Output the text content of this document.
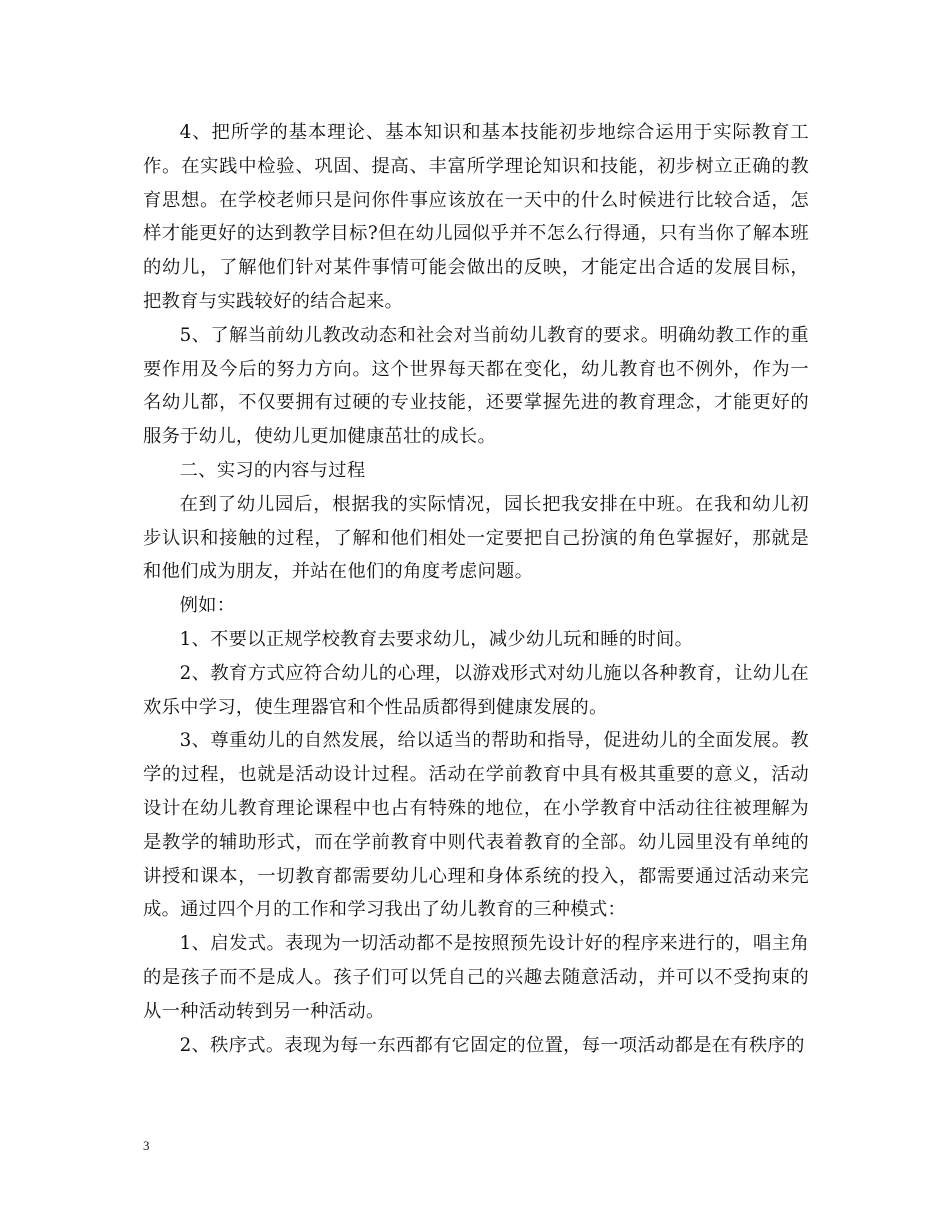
4、把所学的基本理论、基本知识和基本技能初步地综合运用于实际教育工作。在实践中检验、巩固、提高、丰富所学理论知识和技能，初步树立正确的教育思想。在学校老师只是问你件事应该放在一天中的什么时候进行比较合适，怎样才能更好的达到教学目标?但在幼儿园似乎并不怎么行得通，只有当你了解本班的幼儿，了解他们针对某件事情可能会做出的反映，才能定出合适的发展目标，把教育与实践较好的结合起来。

5、了解当前幼儿教改动态和社会对当前幼儿教育的要求。明确幼教工作的重要作用及今后的努力方向。这个世界每天都在变化，幼儿教育也不例外，作为一名幼儿都，不仅要拥有过硬的专业技能，还要掌握先进的教育理念，才能更好的服务于幼儿，使幼儿更加健康茁壮的成长。

二、实习的内容与过程

在到了幼儿园后，根据我的实际情况，园长把我安排在中班。在我和幼儿初步认识和接触的过程，了解和他们相处一定要把自己扮演的角色掌握好，那就是和他们成为朋友，并站在他们的角度考虑问题。

例如：

1、不要以正规学校教育去要求幼儿，减少幼儿玩和睡的时间。

2、教育方式应符合幼儿的心理，以游戏形式对幼儿施以各种教育，让幼儿在欢乐中学习，使生理器官和个性品质都得到健康发展的。

3、尊重幼儿的自然发展，给以适当的帮助和指导，促进幼儿的全面发展。教学的过程，也就是活动设计过程。活动在学前教育中具有极其重要的意义，活动设计在幼儿教育理论课程中也占有特殊的地位，在小学教育中活动往往被理解为是教学的辅助形式，而在学前教育中则代表着教育的全部。幼儿园里没有单纯的讲授和课本，一切教育都需要幼儿心理和身体系统的投入，都需要通过活动来完成。通过四个月的工作和学习我出了幼儿教育的三种模式：

1、启发式。表现为一切活动都不是按照预先设计好的程序来进行的，唱主角的是孩子而不是成人。孩子们可以凭自己的兴趣去随意活动，并可以不受拘束的从一种活动转到另一种活动。

2、秩序式。表现为每一东西都有它固定的位置，每一项活动都是在有秩序的

3
